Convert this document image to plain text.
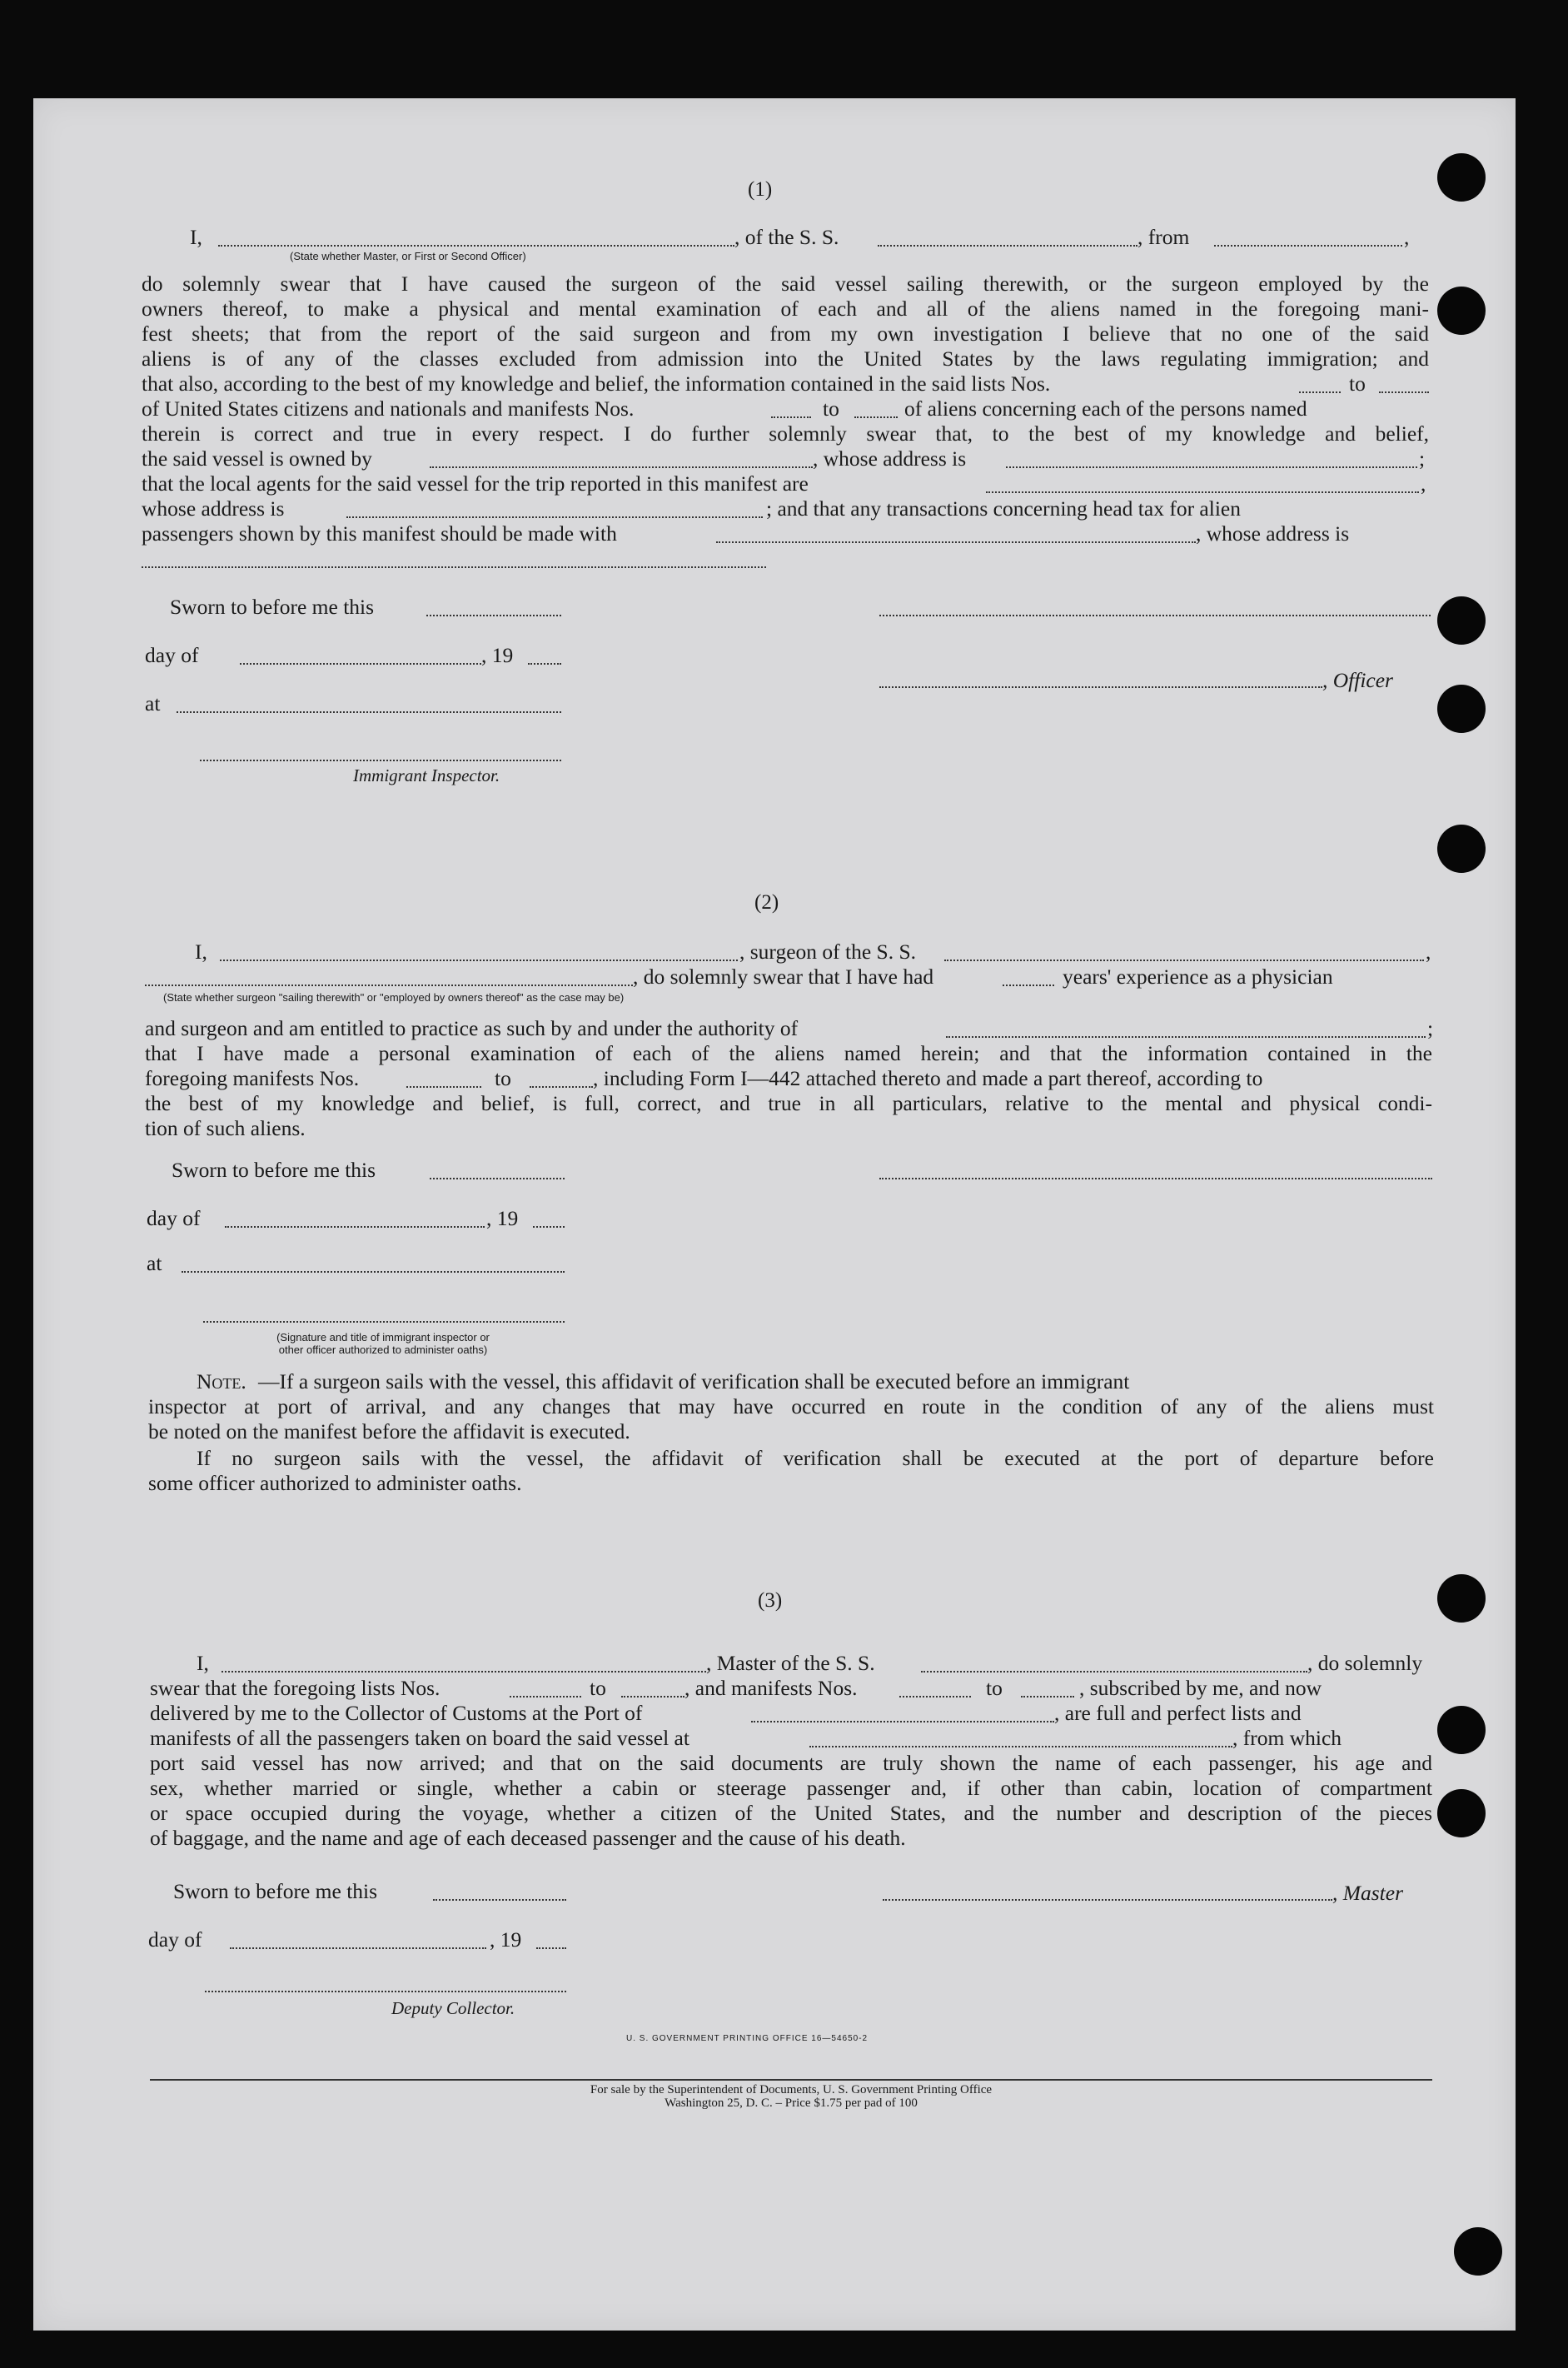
(1)
I,	, of the S. S.	, from	,
(State whether Master, or First or Second Officer)
do solemnly swear that I have caused the surgeon of the said vessel sailing therewith, or the surgeon employed by the
owners thereof, to make a physical and mental examination of each and all of the aliens named in the foregoing mani-
fest sheets; that from the report of the said surgeon and from my own investigation I believe that no one of the said
aliens is of any of the classes excluded from admission into the United States by the laws regulating immigration; and
that also, according to the best of my knowledge and belief, the information contained in the said lists Nos.	to
of United States citizens and nationals and manifests Nos.	to	of aliens concerning each of the persons named
therein is correct and true in every respect. I do further solemnly swear that, to the best of my knowledge and belief,
the said vessel is owned by	, whose address is	;
that the local agents for the said vessel for the trip reported in this manifest are	,
whose address is	; and that any transactions concerning head tax for alien
passengers shown by this manifest should be made with	, whose address is
Sworn to before me this
day of	, 19
, Officer
at
Immigrant Inspector.
(2)
I,	, surgeon of the S. S.	,
, do solemnly swear that I have had	years' experience as a physician
(State whether surgeon "sailing therewith" or "employed by owners thereof" as the case may be)
and surgeon and am entitled to practice as such by and under the authority of	;
that I have made a personal examination of each of the aliens named herein; and that the information contained in the
foregoing manifests Nos.	to	, including Form I—442 attached thereto and made a part thereof, according to
the best of my knowledge and belief, is full, correct, and true in all particulars, relative to the mental and physical condi-
tion of such aliens.
Sworn to before me this
day of	, 19
at
(Signature and title of immigrant inspector or
other officer authorized to administer oaths)
Note. —If a surgeon sails with the vessel, this affidavit of verification shall be executed before an immigrant
inspector at port of arrival, and any changes that may have occurred en route in the condition of any of the aliens must
be noted on the manifest before the affidavit is executed.
If no surgeon sails with the vessel, the affidavit of verification shall be executed at the port of departure before
some officer authorized to administer oaths.
(3)
I,	, Master of the S. S.	, do solemnly
swear that the foregoing lists Nos.	to	, and manifests Nos.	to	, subscribed by me, and now
delivered by me to the Collector of Customs at the Port of	, are full and perfect lists and
manifests of all the passengers taken on board the said vessel at	, from which
port said vessel has now arrived; and that on the said documents are truly shown the name of each passenger, his age and
sex, whether married or single, whether a cabin or steerage passenger and, if other than cabin, location of compartment
or space occupied during the voyage, whether a citizen of the United States, and the number and description of the pieces
of baggage, and the name and age of each deceased passenger and the cause of his death.
Sworn to before me this	, Master
day of	, 19
Deputy Collector.
U. S. GOVERNMENT PRINTING OFFICE 16—54650-2
For sale by the Superintendent of Documents, U. S. Government Printing Office
Washington 25, D. C. – Price $1.75 per pad of 100
